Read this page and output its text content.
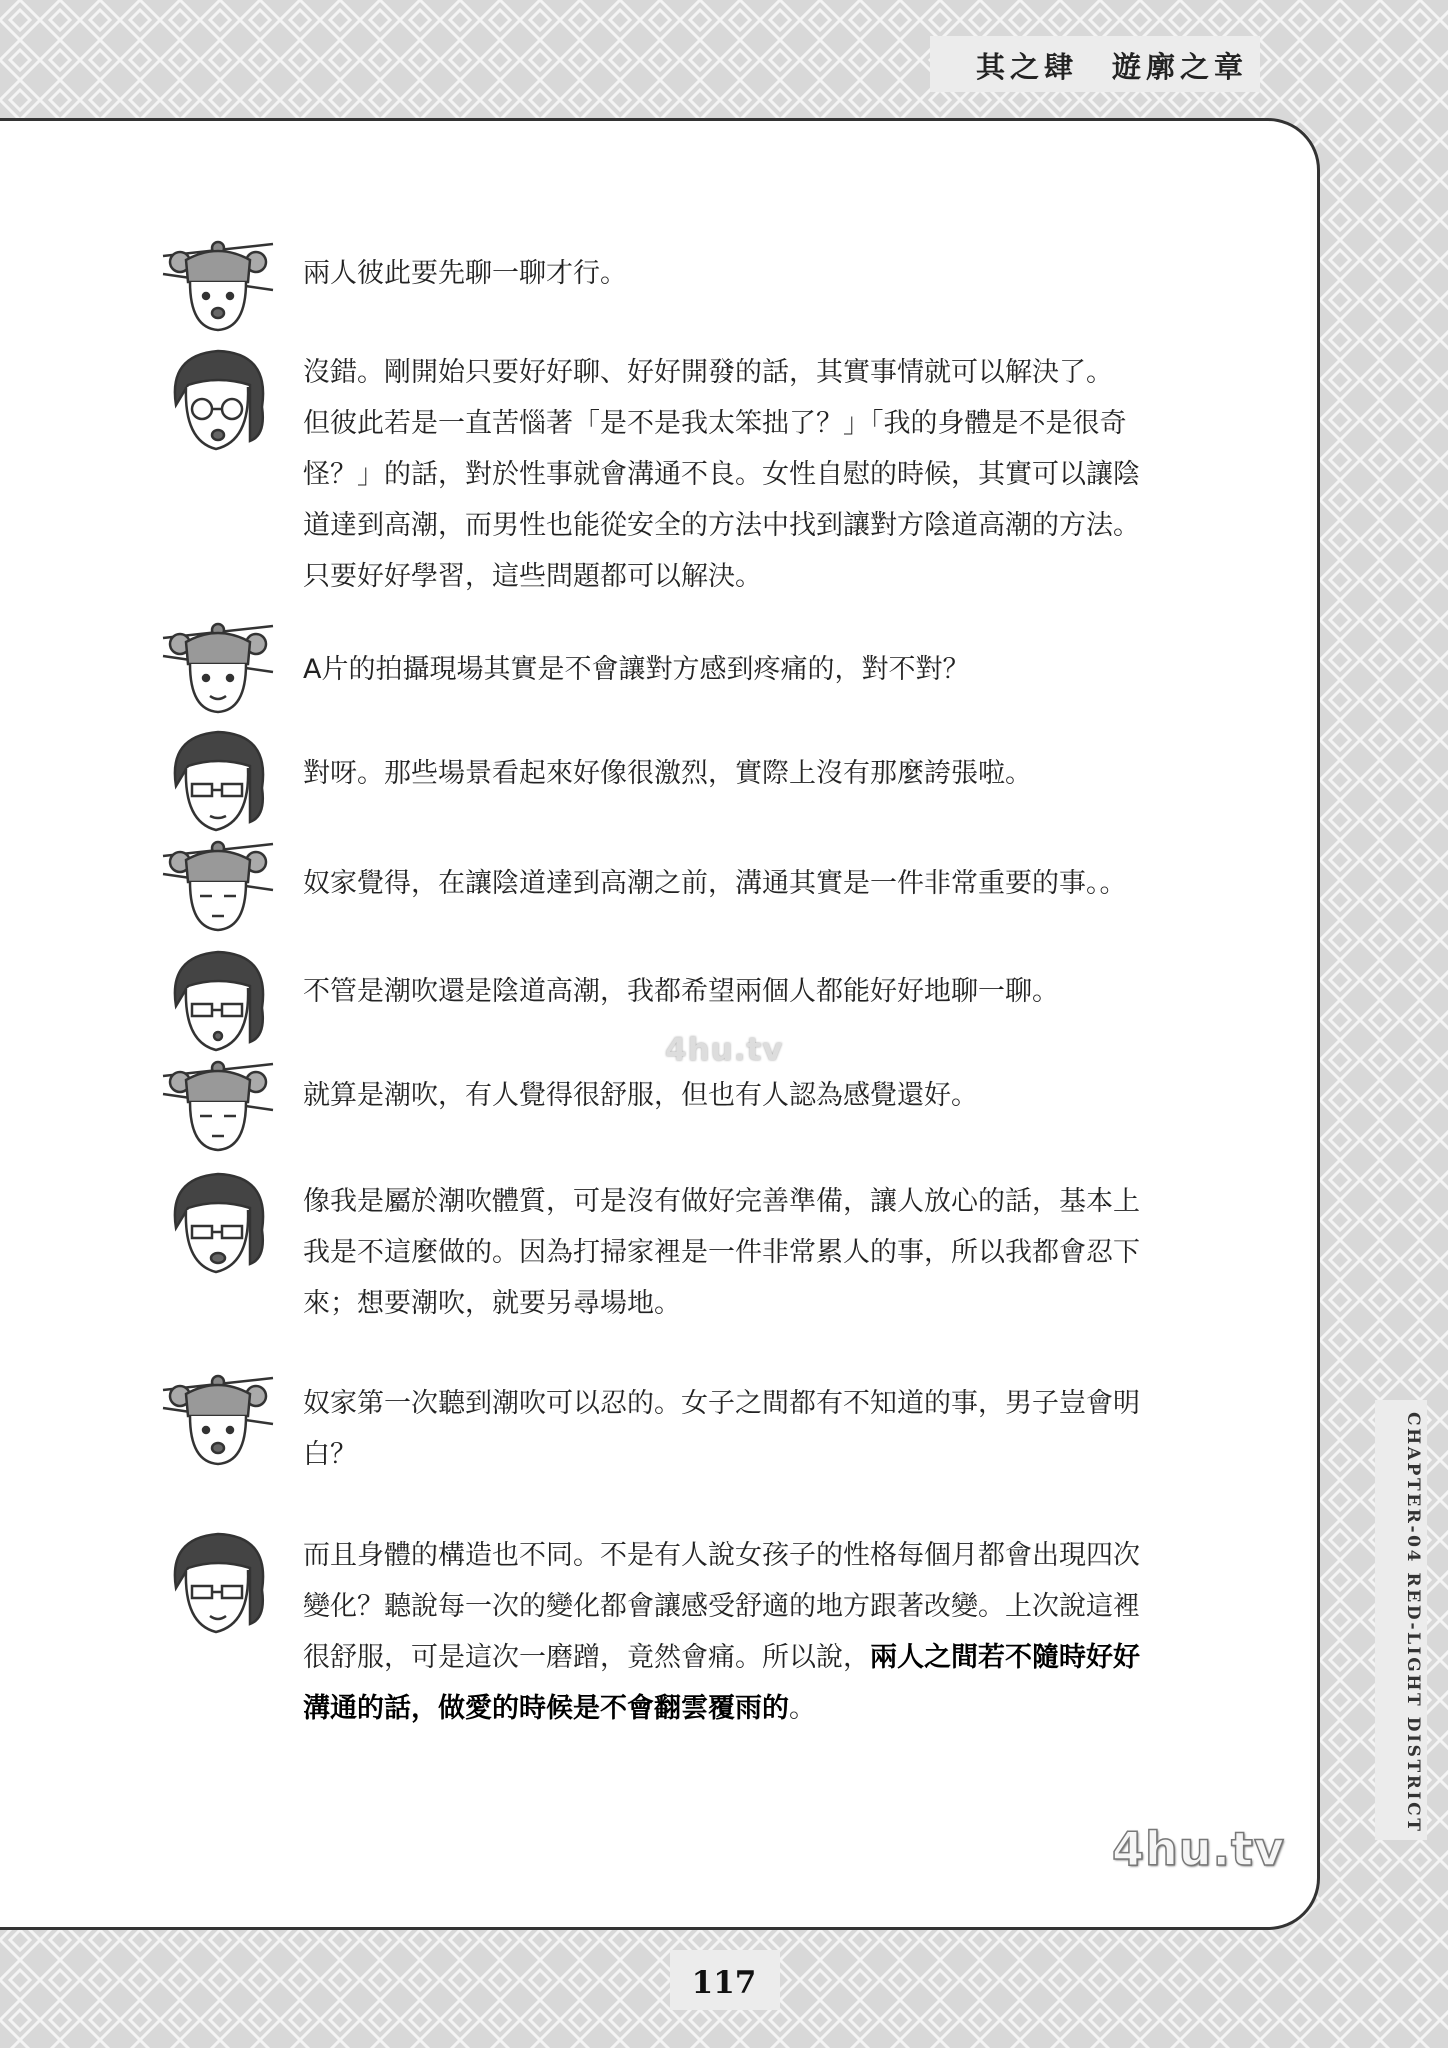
其之肆　遊廓之章
CHAPTER-04 RED-LIGHT DISTRICT
兩人彼此要先聊一聊才行。
沒錯。剛開始只要好好聊、好好開發的話，其實事情就可以解決了。
但彼此若是一直苦惱著「是不是我太笨拙了？」「我的身體是不是很奇
怪？」的話，對於性事就會溝通不良。女性自慰的時候，其實可以讓陰
道達到高潮，而男性也能從安全的方法中找到讓對方陰道高潮的方法。
只要好好學習，這些問題都可以解決。
A片的拍攝現場其實是不會讓對方感到疼痛的，對不對？
對呀。那些場景看起來好像很激烈，實際上沒有那麼誇張啦。
奴家覺得，在讓陰道達到高潮之前，溝通其實是一件非常重要的事。。
不管是潮吹還是陰道高潮，我都希望兩個人都能好好地聊一聊。
就算是潮吹，有人覺得很舒服，但也有人認為感覺還好。
像我是屬於潮吹體質，可是沒有做好完善準備，讓人放心的話，基本上
我是不這麼做的。因為打掃家裡是一件非常累人的事，所以我都會忍下
來；想要潮吹，就要另尋場地。
奴家第一次聽到潮吹可以忍的。女子之間都有不知道的事，男子豈會明
白？
而且身體的構造也不同。不是有人說女孩子的性格每個月都會出現四次
變化？聽說每一次的變化都會讓感受舒適的地方跟著改變。上次說這裡
很舒服，可是這次一磨蹭，竟然會痛。所以說，兩人之間若不隨時好好
溝通的話，做愛的時候是不會翻雲覆雨的。
4hu.tv
4hu.tv
117
